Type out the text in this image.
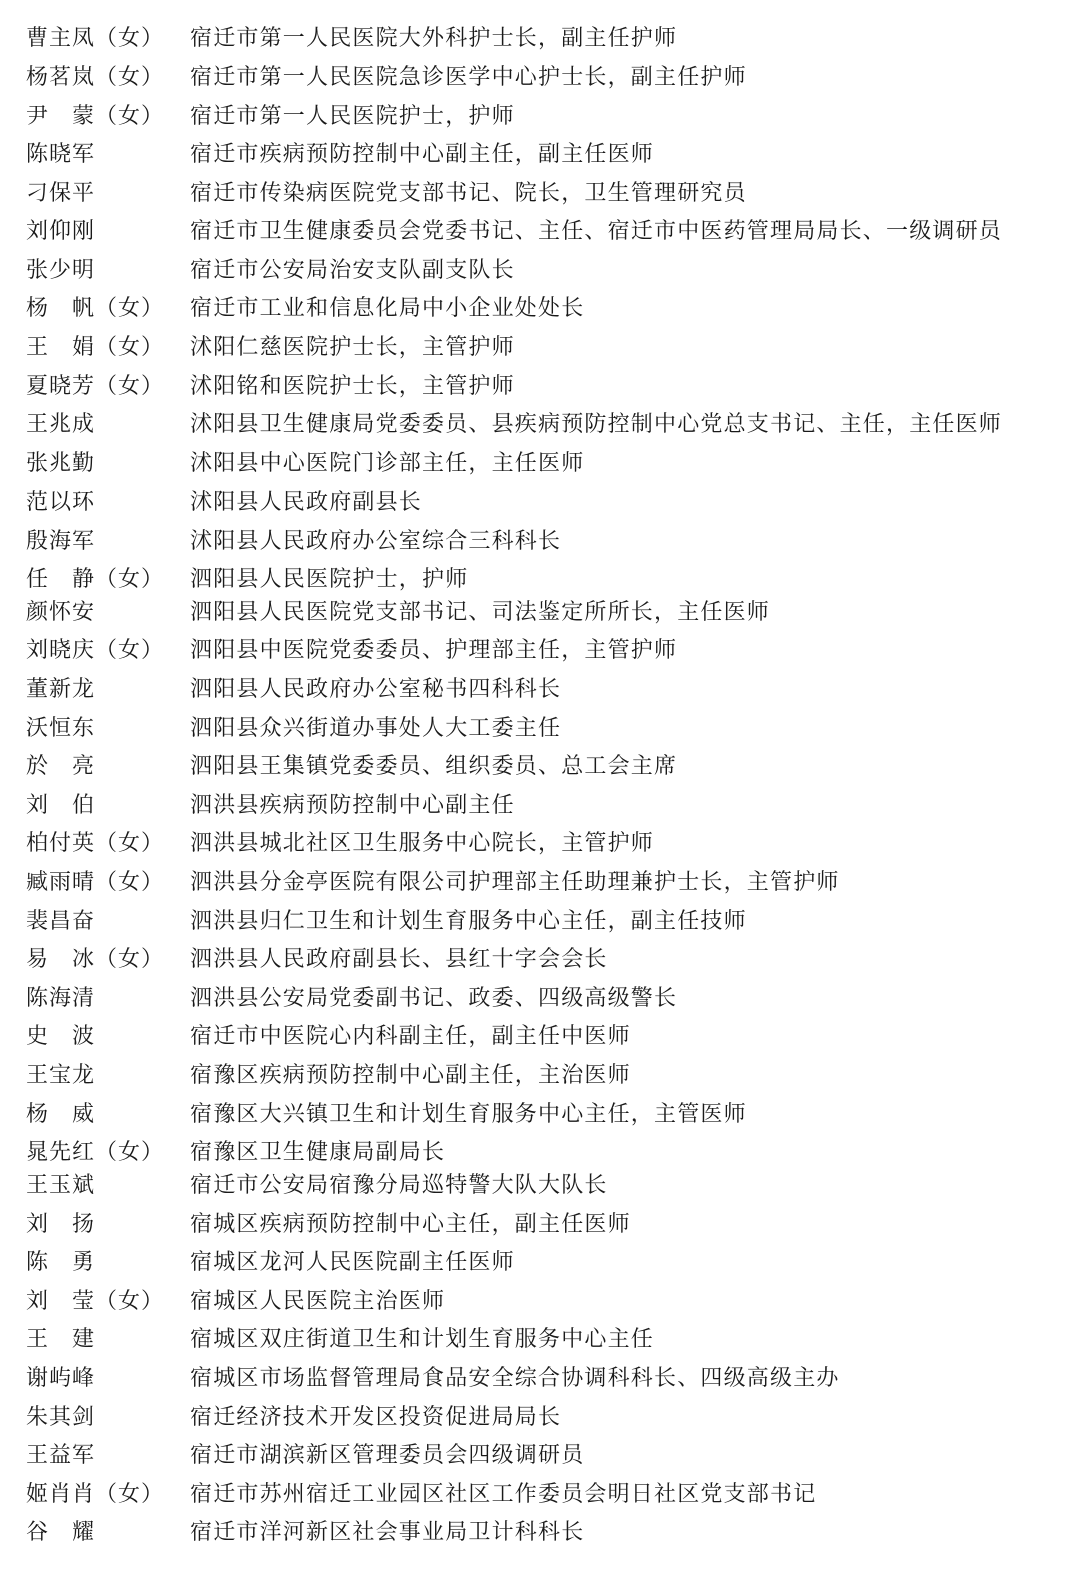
曹主凤（女）	宿迁市第一人民医院大外科护士长，副主任护师
杨茗岚（女）	宿迁市第一人民医院急诊医学中心护士长，副主任护师
尹　蒙（女）	宿迁市第一人民医院护士，护师
陈晓军	宿迁市疾病预防控制中心副主任，副主任医师
刁保平	宿迁市传染病医院党支部书记、院长，卫生管理研究员
刘仰刚	宿迁市卫生健康委员会党委书记、主任、宿迁市中医药管理局局长、一级调研员
张少明	宿迁市公安局治安支队副支队长
杨　帆（女）	宿迁市工业和信息化局中小企业处处长
王　娟（女）	沭阳仁慈医院护士长，主管护师
夏晓芳（女）	沭阳铭和医院护士长，主管护师
王兆成	沭阳县卫生健康局党委委员、县疾病预防控制中心党总支书记、主任，主任医师
张兆勤	沭阳县中心医院门诊部主任，主任医师
范以环	沭阳县人民政府副县长
殷海军	沭阳县人民政府办公室综合三科科长
任　静（女）	泗阳县人民医院护士，护师
颜怀安	泗阳县人民医院党支部书记、司法鉴定所所长，主任医师
刘晓庆（女）	泗阳县中医院党委委员、护理部主任，主管护师
董新龙	泗阳县人民政府办公室秘书四科科长
沃恒东	泗阳县众兴街道办事处人大工委主任
於　亮	泗阳县王集镇党委委员、组织委员、总工会主席
刘　伯	泗洪县疾病预防控制中心副主任
柏付英（女）	泗洪县城北社区卫生服务中心院长，主管护师
臧雨晴（女）	泗洪县分金亭医院有限公司护理部主任助理兼护士长，主管护师
裴昌奋	泗洪县归仁卫生和计划生育服务中心主任，副主任技师
易　冰（女）	泗洪县人民政府副县长、县红十字会会长
陈海清	泗洪县公安局党委副书记、政委、四级高级警长
史　波	宿迁市中医院心内科副主任，副主任中医师
王宝龙	宿豫区疾病预防控制中心副主任，主治医师
杨　威	宿豫区大兴镇卫生和计划生育服务中心主任，主管医师
晁先红（女）	宿豫区卫生健康局副局长
王玉斌	宿迁市公安局宿豫分局巡特警大队大队长
刘　扬	宿城区疾病预防控制中心主任，副主任医师
陈　勇	宿城区龙河人民医院副主任医师
刘　莹（女）	宿城区人民医院主治医师
王　建	宿城区双庄街道卫生和计划生育服务中心主任
谢屿峰	宿城区市场监督管理局食品安全综合协调科科长、四级高级主办
朱其剑	宿迁经济技术开发区投资促进局局长
王益军	宿迁市湖滨新区管理委员会四级调研员
姬肖肖（女）	宿迁市苏州宿迁工业园区社区工作委员会明日社区党支部书记
谷　耀	宿迁市洋河新区社会事业局卫计科科长
